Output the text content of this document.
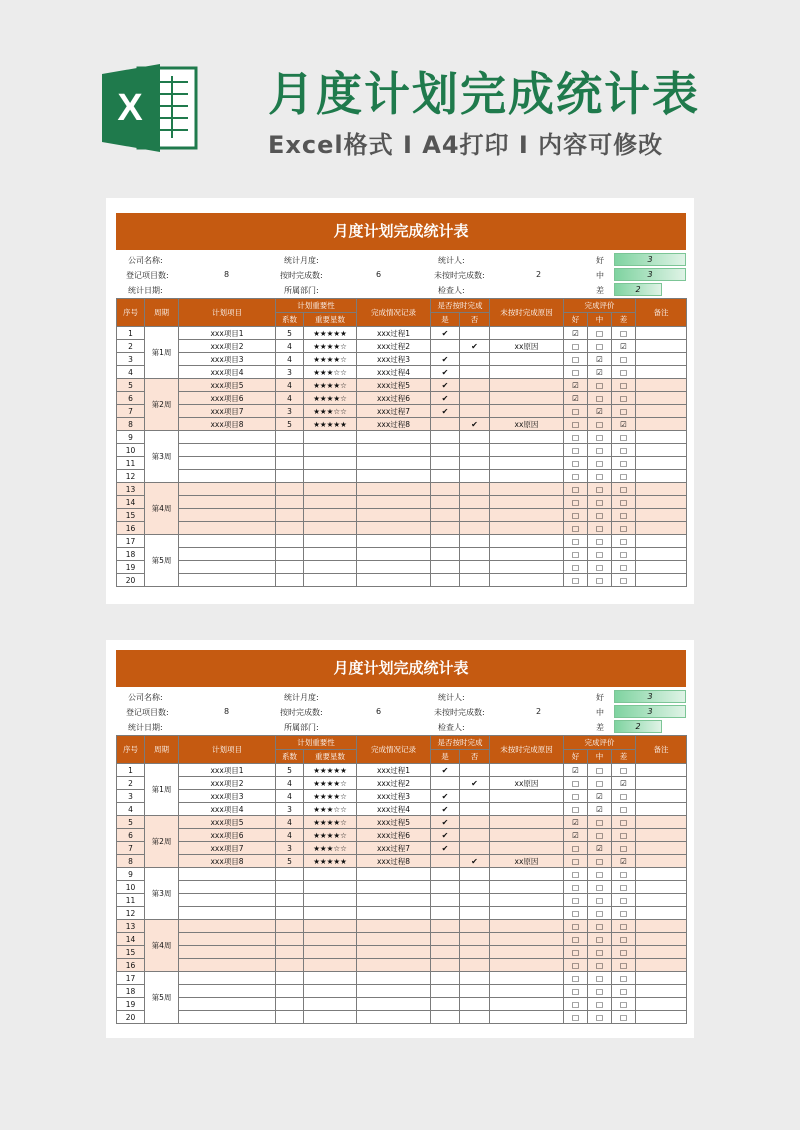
X	月度计划完成统计表
Excel格式 I A4打印 I 内容可修改
月度计划完成统计表
公司名称:	统计月度:	统计人:
登记项目数:	8	按时完成数:	6	未按时完成数:	2
统计日期:	所属部门:	检查人:
好
中
差
3
3
2
序号	周期	计划项目	计划重要性		完成情况记录	是否按时完成		未按时完成原因	完成评价			备注
			系数	重要星数		是	否		好	中	差	
1	第1周	xxx项目1	5	★★★★★	xxx过程1	✔			☑	□	□	
2		xxx项目2	4	★★★★☆	xxx过程2		✔	xx原因	□	□	☑	
3		xxx项目3	4	★★★★☆	xxx过程3	✔			□	☑	□	
4		xxx项目4	3	★★★☆☆	xxx过程4	✔			□	☑	□	
5	第2周	xxx项目5	4	★★★★☆	xxx过程5	✔			☑	□	□	
6		xxx项目6	4	★★★★☆	xxx过程6	✔			☑	□	□	
7		xxx项目7	3	★★★☆☆	xxx过程7	✔			□	☑	□	
8		xxx项目8	5	★★★★★	xxx过程8		✔	xx原因	□	□	☑	
9	第3周								□	□	□	
10									□	□	□	
11									□	□	□	
12									□	□	□	
13	第4周								□	□	□	
14									□	□	□	
15									□	□	□	
16									□	□	□	
17	第5周								□	□	□	
18									□	□	□	
19									□	□	□	
20									□	□	□	
月度计划完成统计表
公司名称:	统计月度:	统计人:
登记项目数:	8	按时完成数:	6	未按时完成数:	2
统计日期:	所属部门:	检查人:
好
中
差
3
3
2
序号	周期	计划项目	计划重要性		完成情况记录	是否按时完成		未按时完成原因	完成评价			备注
			系数	重要星数		是	否		好	中	差	
1	第1周	xxx项目1	5	★★★★★	xxx过程1	✔			☑	□	□	
2		xxx项目2	4	★★★★☆	xxx过程2		✔	xx原因	□	□	☑	
3		xxx项目3	4	★★★★☆	xxx过程3	✔			□	☑	□	
4		xxx项目4	3	★★★☆☆	xxx过程4	✔			□	☑	□	
5	第2周	xxx项目5	4	★★★★☆	xxx过程5	✔			☑	□	□	
6		xxx项目6	4	★★★★☆	xxx过程6	✔			☑	□	□	
7		xxx项目7	3	★★★☆☆	xxx过程7	✔			□	☑	□	
8		xxx项目8	5	★★★★★	xxx过程8		✔	xx原因	□	□	☑	
9	第3周								□	□	□	
10									□	□	□	
11									□	□	□	
12									□	□	□	
13	第4周								□	□	□	
14									□	□	□	
15									□	□	□	
16									□	□	□	
17	第5周								□	□	□	
18									□	□	□	
19									□	□	□	
20									□	□	□	
